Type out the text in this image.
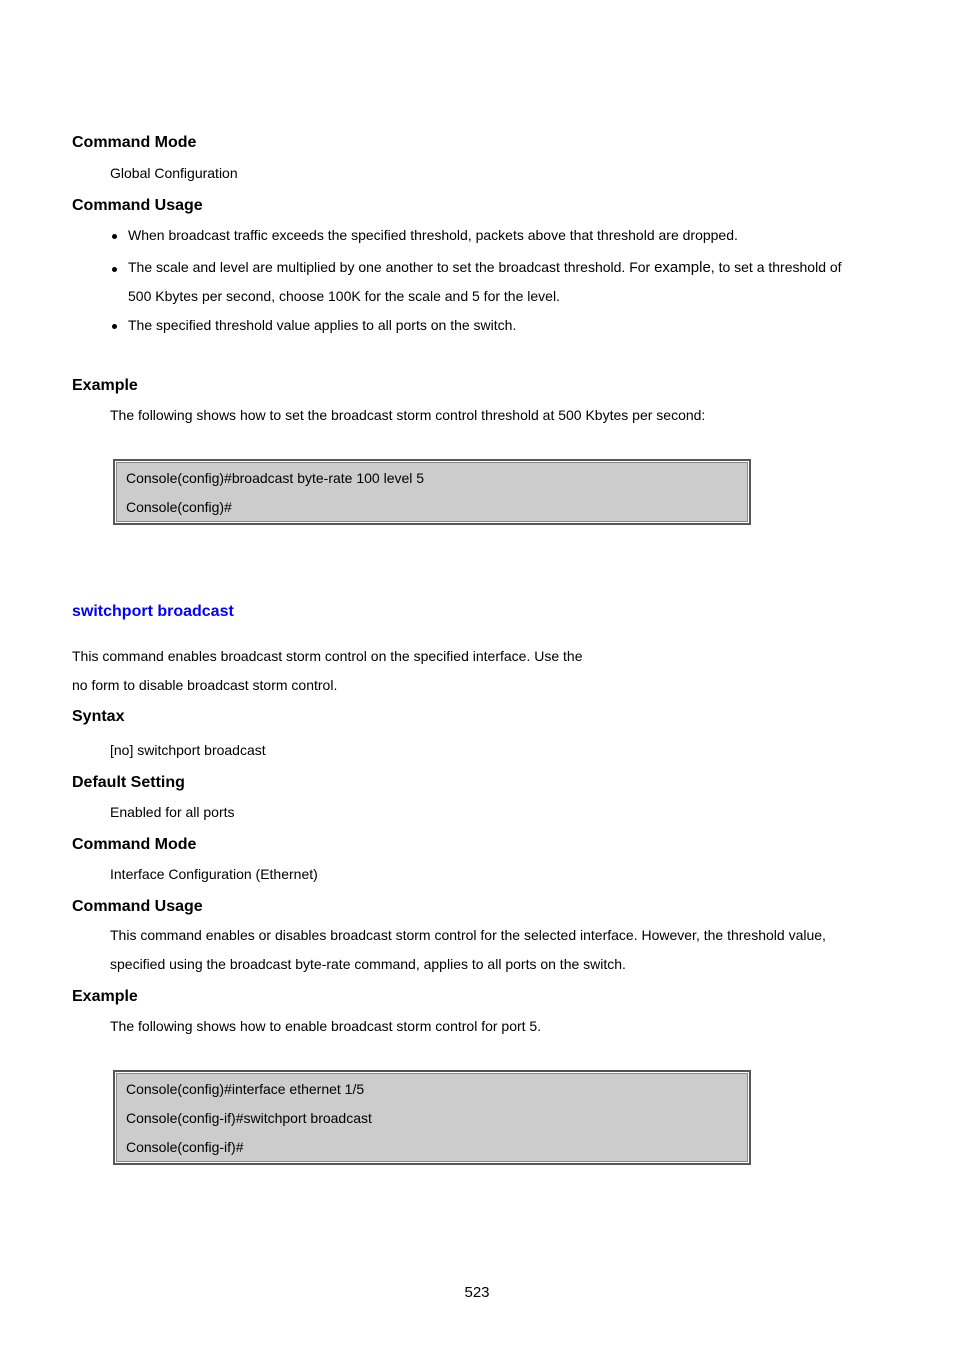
Command Mode
Global Configuration
Command Usage
When broadcast traffic exceeds the specified threshold, packets above that threshold are dropped.
The scale and level are multiplied by one another to set the broadcast threshold. For example, to set a threshold of
500 Kbytes per second, choose 100K for the scale and 5 for the level.
The specified threshold value applies to all ports on the switch.
Example
The following shows how to set the broadcast storm control threshold at 500 Kbytes per second:
Console(config)#broadcast byte-rate 100 level 5
Console(config)#
switchport broadcast
This command enables broadcast storm control on the specified interface. Use the
no form to disable broadcast storm control.
Syntax
[no] switchport broadcast
Default Setting
Enabled for all ports
Command Mode
Interface Configuration (Ethernet)
Command Usage
This command enables or disables broadcast storm control for the selected interface. However, the threshold value,
specified using the broadcast byte-rate command, applies to all ports on the switch.
Example
The following shows how to enable broadcast storm control for port 5.
Console(config)#interface ethernet 1/5
Console(config-if)#switchport broadcast
Console(config-if)#
523
